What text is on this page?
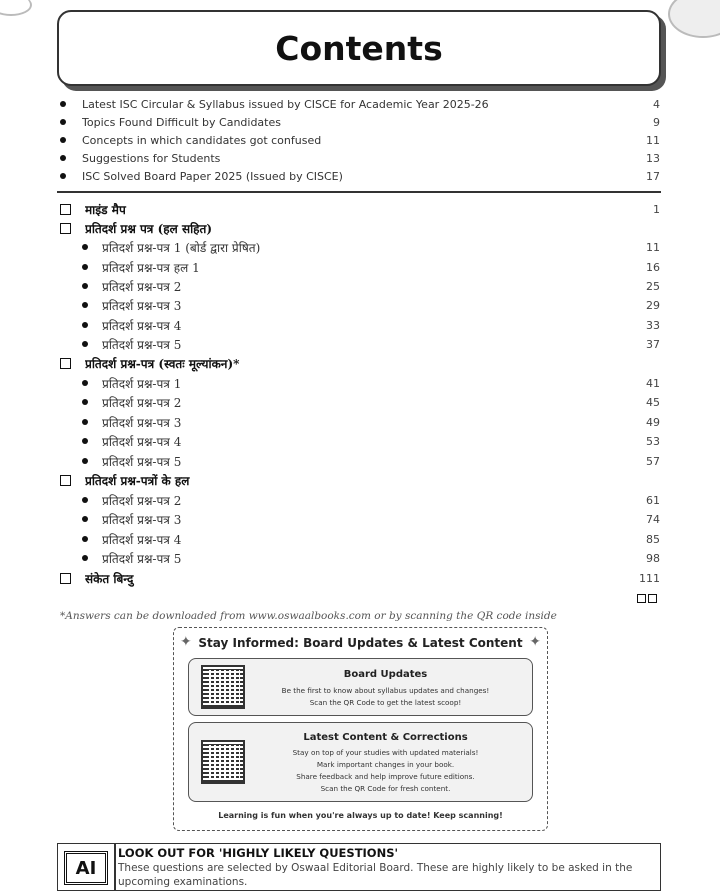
Contents
Latest ISC Circular & Syllabus issued by CISCE for Academic Year 2025-26	4
Topics Found Difficult by Candidates	9
Concepts in which candidates got confused	11
Suggestions for Students	13
ISC Solved Board Paper 2025 (Issued by CISCE)	17
माइंड मैप	1
प्रतिदर्श प्रश्न पत्र (हल सहित)
प्रतिदर्श प्रश्न-पत्र 1 (बोर्ड द्वारा प्रेषित)	11
प्रतिदर्श प्रश्न-पत्र हल 1	16
प्रतिदर्श प्रश्न-पत्र 2	25
प्रतिदर्श प्रश्न-पत्र 3	29
प्रतिदर्श प्रश्न-पत्र 4	33
प्रतिदर्श प्रश्न-पत्र 5	37
प्रतिदर्श प्रश्न-पत्र (स्वतः मूल्यांकन)*
प्रतिदर्श प्रश्न-पत्र 1	41
प्रतिदर्श प्रश्न-पत्र 2	45
प्रतिदर्श प्रश्न-पत्र 3	49
प्रतिदर्श प्रश्न-पत्र 4	53
प्रतिदर्श प्रश्न-पत्र 5	57
प्रतिदर्श प्रश्न-पत्रों के हल
प्रतिदर्श प्रश्न-पत्र 2	61
प्रतिदर्श प्रश्न-पत्र 3	74
प्रतिदर्श प्रश्न-पत्र 4	85
प्रतिदर्श प्रश्न-पत्र 5	98
संकेत बिन्दु	111
*Answers can be downloaded from www.oswaalbooks.com or by scanning the QR code inside
✦	✦
Stay Informed: Board Updates & Latest Content
Board Updates
Be the first to know about syllabus updates and changes!
Scan the QR Code to get the latest scoop!
Latest Content & Corrections
Stay on top of your studies with updated materials!
Mark important changes in your book.
Share feedback and help improve future editions.
Scan the QR Code for fresh content.
Learning is fun when you're always up to date! Keep scanning!
AI
LOOK OUT FOR 'HIGHLY LIKELY QUESTIONS'
These questions are selected by Oswaal Editorial Board. These are highly likely to be asked in the upcoming examinations.
